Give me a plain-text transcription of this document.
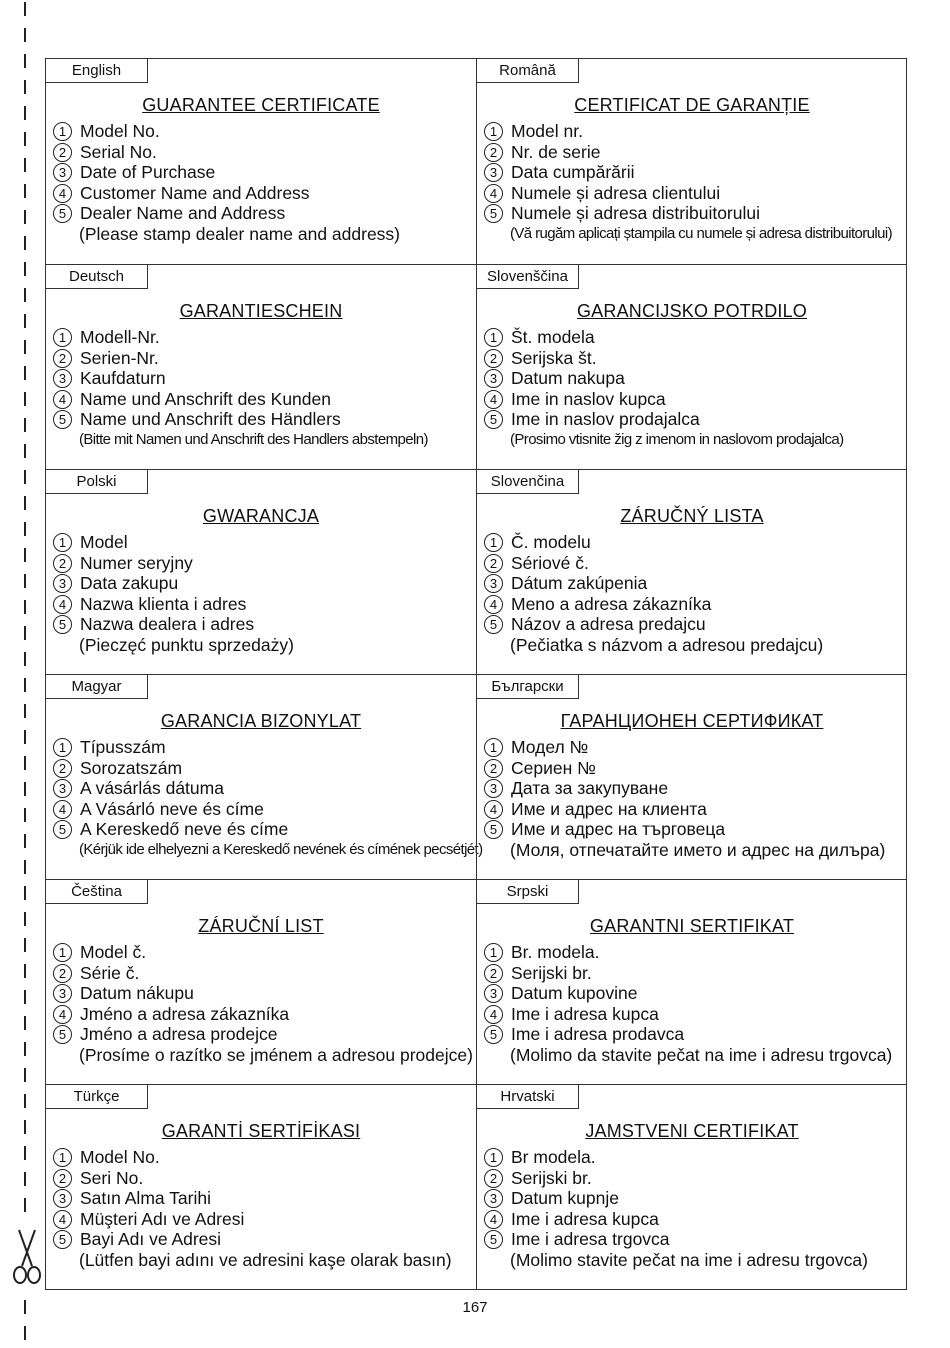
English
GUARANTEE CERTIFICATE
1 Model No.
2 Serial No.
3 Date of Purchase
4 Customer Name and Address
5 Dealer Name and Address
(Please stamp dealer name and address)
Română
CERTIFICAT DE GARANȚIE
1 Model nr.
2 Nr. de serie
3 Data cumpărării
4 Numele și adresa clientului
5 Numele și adresa distribuitorului
(Vă rugăm aplicați ștampila cu numele și adresa distribuitorului)
Deutsch
GARANTIESCHEIN
1 Modell-Nr.
2 Serien-Nr.
3 Kaufdaturn
4 Name und Anschrift des Kunden
5 Name und Anschrift des Händlers
(Bitte mit Namen und Anschrift des Handlers abstempeln)
Slovenščina
GARANCIJSKO POTRDILO
1 Št. modela
2 Serijska št.
3 Datum nakupa
4 Ime in naslov kupca
5 Ime in naslov prodajalca
(Prosimo vtisnite žig z imenom in naslovom prodajalca)
Polski
GWARANCJA
1 Model
2 Numer seryjny
3 Data zakupu
4 Nazwa klienta i adres
5 Nazwa dealera i adres
(Pieczęć punktu sprzedaży)
Slovenčina
ZÁRUČNÝ LISTA
1 Č. modelu
2 Sériové č.
3 Dátum zakúpenia
4 Meno a adresa zákazníka
5 Názov a adresa predajcu
(Pečiatka s názvom a adresou predajcu)
Magyar
GARANCIA BIZONYLAT
1 Típusszám
2 Sorozatszám
3 A vásárlás dátuma
4 A Vásárló neve és címe
5 A Kereskedő neve és címe
(Kérjük ide elhelyezni a Kereskedő nevének és címének pecsétjét)
Български
ГАРАНЦИОНЕН СЕРТИФИКАТ
1 Модел №
2 Сериен №
3 Дата за закупуване
4 Име и адрес на клиента
5 Име и адрес на търговеца
(Моля, отпечатайте името и адрес на дилъра)
Čeština
ZÁRUČNÍ LIST
1 Model č.
2 Série č.
3 Datum nákupu
4 Jméno a adresa zákazníka
5 Jméno a adresa prodejce
(Prosíme o razítko se jménem a adresou prodejce)
Srpski
GARANTNI SERTIFIKAT
1 Br. modela.
2 Serijski br.
3 Datum kupovine
4 Ime i adresa kupca
5 Ime i adresa prodavca
(Molimo da stavite pečat na ime i adresu trgovca)
Türkçe
GARANTİ SERTİFİKASI
1 Model No.
2 Seri No.
3 Satın Alma Tarihi
4 Müşteri Adı ve Adresi
5 Bayi Adı ve Adresi
(Lütfen bayi adını ve adresini kaşe olarak basın)
Hrvatski
JAMSTVENI CERTIFIKAT
1 Br modela.
2 Serijski br.
3 Datum kupnje
4 Ime i adresa kupca
5 Ime i adresa trgovca
(Molimo stavite pečat na ime i adresu trgovca)
167
